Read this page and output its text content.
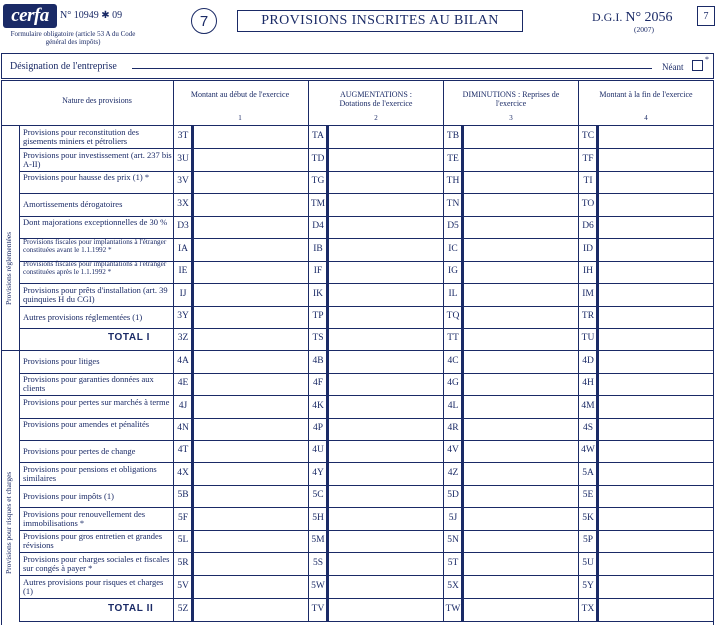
cerfa	N° 10949 ✱ 09
Formulaire obligatoire (article 53 A du Code général des impôts)
7	PROVISIONS INSCRITES AU BILAN	D.G.I. N° 2056
(2007)
7
Désignation de l'entreprise	Néant
*
Nature des provisions
Montant au début de l'exercice	AUGMENTATIONS : Dotations de l'exercice
DIMINUTIONS : Reprises de l'exercice
Montant à la fin de l'exercice
1	2	3	4
Provisions réglementées
Provisions pour risques et charges
Provisions pour reconstitution des gisements miniers et pétroliers	3T	TA	TB	TC
Provisions pour investissement (art. 237 bis A-II)	3U	TD	TE	TF
Provisions pour hausse des prix (1) *	3V	TG	TH	TI
Amortissements dérogatoires	3X	TM	TN	TO
Dont majorations exceptionnelles de 30 %	D3	D4	D5	D6
Provisions fiscales pour implantations à l'étranger constituées avant le 1.1.1992 *	IA	IB	IC	ID
Provisions fiscales pour implantations à l'étranger constituées après le 1.1.1992 *	IE	IF	IG	IH
Provisions pour prêts d'installation (art. 39 quinquies H du CGI)	IJ	IK	IL	IM
Autres provisions réglementées (1)	3Y	TP	TQ	TR
TOTAL I	3Z	TS	TT	TU
Provisions pour litiges	4A	4B	4C	4D
Provisions pour garanties données aux clients	4E	4F	4G	4H
Provisions pour pertes sur marchés à terme 4J	4K	4L	4M
Provisions pour amendes et pénalités	4N	4P	4R	4S
Provisions pour pertes de change	4T	4U	4V	4W
Provisions pour pensions et obligations similaires	4X	4Y	4Z	5A
Provisions pour impôts (1)	5B	5C	5D	5E
Provisions pour renouvellement des immobilisations *	5F	5H	5J	5K
Provisions pour gros entretien et grandes révisions	5L	5M	5N	5P
Provisions pour charges sociales et fiscales sur congés à payer *	5R	5S	5T	5U
Autres provisions pour risques et charges (1)	5V	5W	5X	5Y
TOTAL II	5Z	TV	TW	TX
